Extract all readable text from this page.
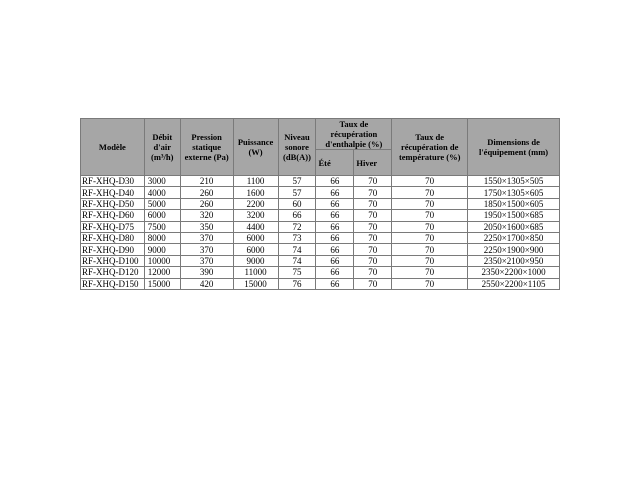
Modèle	Débit d'air (m³/h)	Pression statique externe (Pa)	Puissance (W)	Niveau sonore (dB(A))	Taux de récupération d'enthalpie (%)		Taux de récupération de température (%)	Dimensions de l'équipement (mm)
					Été	Hiver		
RF-XHQ-D30	3000	210	1100	57	66	70	70	1550×1305×505
RF-XHQ-D40	4000	260	1600	57	66	70	70	1750×1305×605
RF-XHQ-D50	5000	260	2200	60	66	70	70	1850×1500×605
RF-XHQ-D60	6000	320	3200	66	66	70	70	1950×1500×685
RF-XHQ-D75	7500	350	4400	72	66	70	70	2050×1600×685
RF-XHQ-D80	8000	370	6000	73	66	70	70	2250×1700×850
RF-XHQ-D90	9000	370	6000	74	66	70	70	2250×1900×900
RF-XHQ-D100	10000	370	9000	74	66	70	70	2350×2100×950
RF-XHQ-D120	12000	390	11000	75	66	70	70	2350×2200×1000
RF-XHQ-D150	15000	420	15000	76	66	70	70	2550×2200×1105
